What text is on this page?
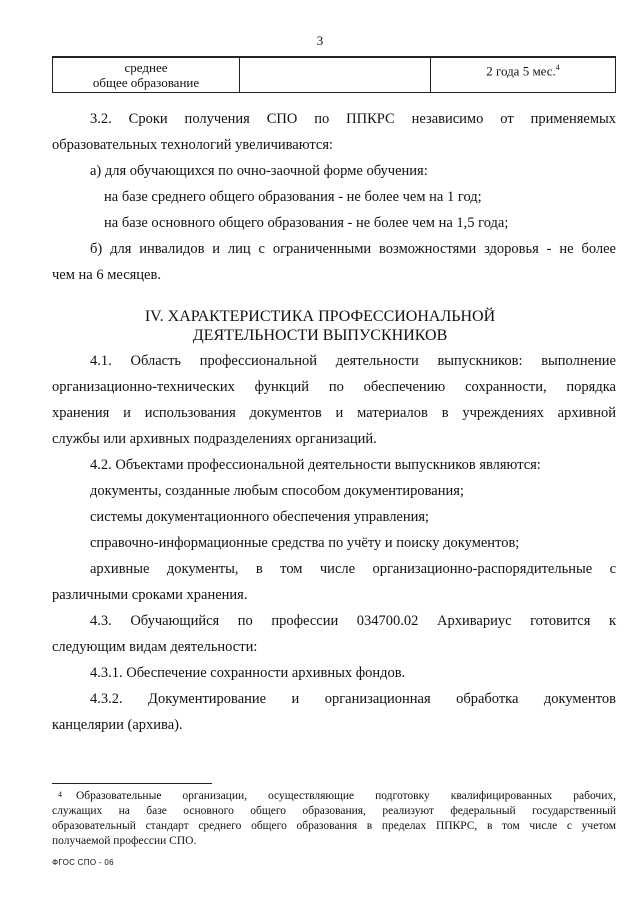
3
среднее
общее образование
		2 года 5 мес.$^4$
3.2. Сроки получения СПО по ППКРС независимо от применяемых
образовательных технологий увеличиваются:
а) для обучающихся по очно-заочной форме обучения:
на базе среднего общего образования - не более чем на 1 год;
на базе основного общего образования - не более чем на 1,5 года;
б) для инвалидов и лиц с ограниченными возможностями здоровья - не более
чем на 6 месяцев.
IV. ХАРАКТЕРИСТИКА ПРОФЕССИОНАЛЬНОЙ
ДЕЯТЕЛЬНОСТИ ВЫПУСКНИКОВ
4.1. Область профессиональной деятельности выпускников: выполнение
организационно-технических функций по обеспечению сохранности, порядка
хранения и использования документов и материалов в учреждениях архивной
службы или архивных подразделениях организаций.
4.2. Объектами профессиональной деятельности выпускников являются:
документы, созданные любым способом документирования;
системы документационного обеспечения управления;
справочно-информационные средства по учёту и поиску документов;
архивные документы, в том числе организационно-распорядительные с
различными сроками хранения.
4.3. Обучающийся по профессии 034700.02 Архивариус готовится к
следующим видам деятельности:
4.3.1. Обеспечение сохранности архивных фондов.
4.3.2. Документирование и организационная обработка документов
канцелярии (архива).
4 Образовательные организации, осуществляющие подготовку квалифицированных рабочих,
служащих на базе основного общего образования, реализуют федеральный государственный
образовательный стандарт среднего общего образования в пределах ППКРС, в том числе с учетом
получаемой профессии СПО.
ФГОС СПО - 06
